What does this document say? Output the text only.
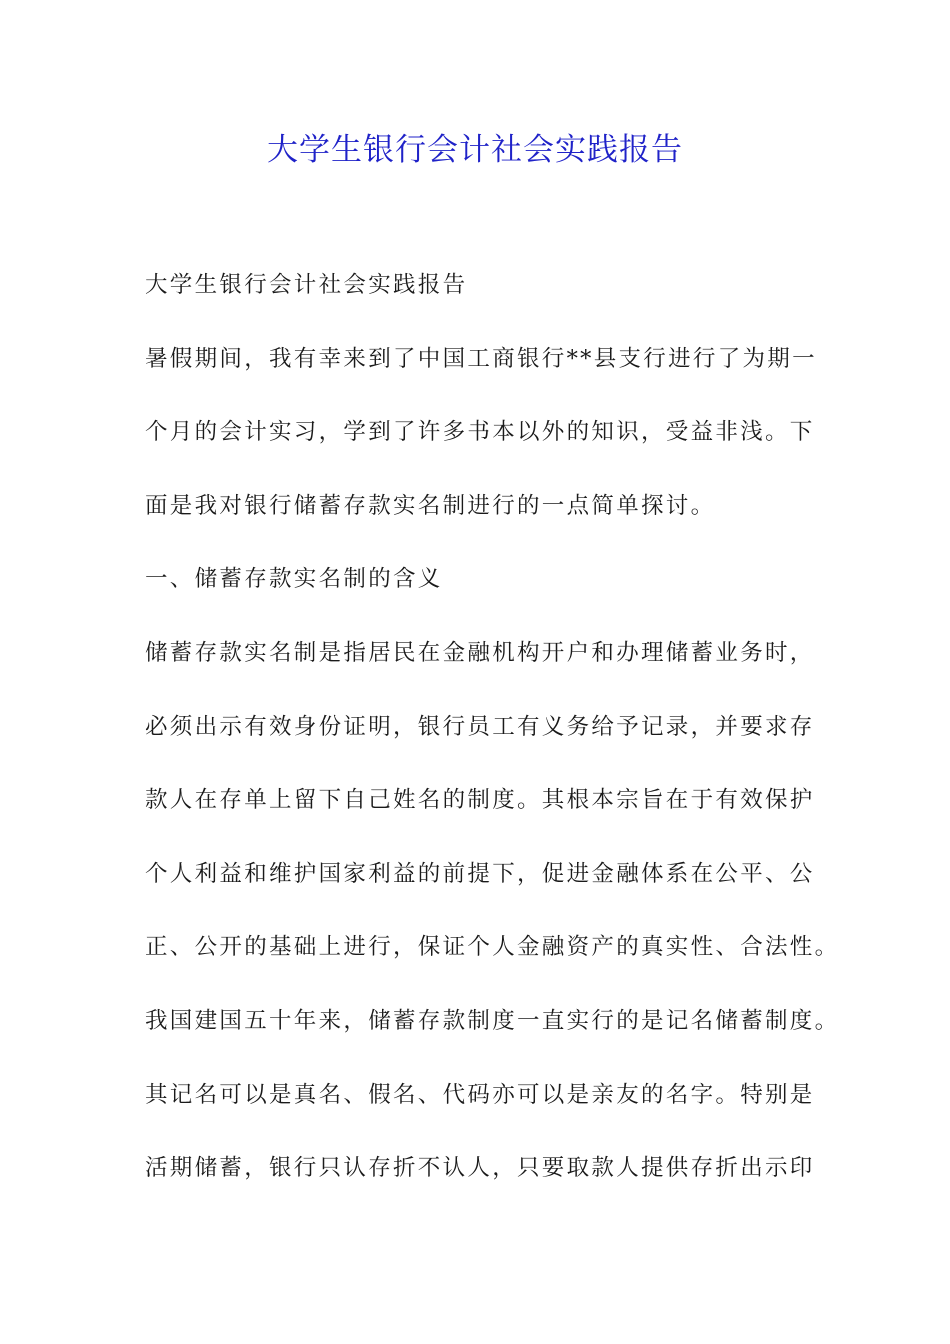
大学生银行会计社会实践报告
大学生银行会计社会实践报告
暑假期间，我有幸来到了中国工商银行**县支行进行了为期一
个月的会计实习，学到了许多书本以外的知识，受益非浅。下
面是我对银行储蓄存款实名制进行的一点简单探讨。
一、储蓄存款实名制的含义
储蓄存款实名制是指居民在金融机构开户和办理储蓄业务时，
必须出示有效身份证明，银行员工有义务给予记录，并要求存
款人在存单上留下自己姓名的制度。其根本宗旨在于有效保护
个人利益和维护国家利益的前提下，促进金融体系在公平、公
正、公开的基础上进行，保证个人金融资产的真实性、合法性。
我国建国五十年来，储蓄存款制度一直实行的是记名储蓄制度。
其记名可以是真名、假名、代码亦可以是亲友的名字。特别是
活期储蓄，银行只认存折不认人，只要取款人提供存折出示印
